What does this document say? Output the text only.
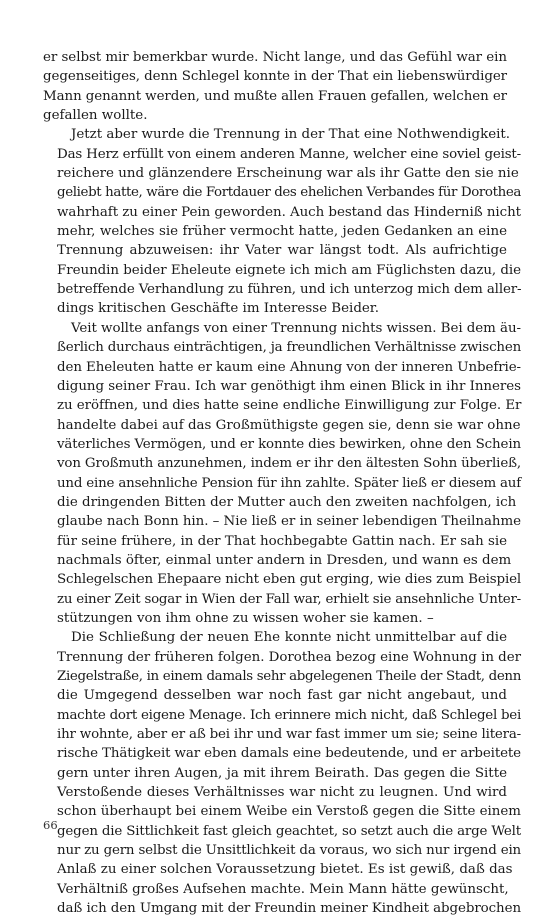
er selbst mir bemerkbar wurde. Nicht lange, und das Gefühl war ein
gegenseitiges, denn Schlegel konnte in der That ein liebenswürdiger
Mann genannt werden, und mußte allen Frauen gefallen, welchen er
gefallen wollte.
Jetzt aber wurde die Trennung in der That eine Nothwendigkeit.
Das Herz erfüllt von einem anderen Manne, welcher eine soviel geist-
reichere und glänzendere Erscheinung war als ihr Gatte den sie nie
geliebt hatte, wäre die Fortdauer des ehelichen Verbandes für Dorothea
wahrhaft zu einer Pein geworden. Auch bestand das Hinderniß nicht
mehr, welches sie früher vermocht hatte, jeden Gedanken an eine
Trennung abzuweisen: ihr Vater war längst todt. Als aufrichtige
Freundin beider Eheleute eignete ich mich am Füglichsten dazu, die
betreffende Verhandlung zu führen, und ich unterzog mich dem aller-
dings kritischen Geschäfte im Interesse Beider.
Veit wollte anfangs von einer Trennung nichts wissen. Bei dem äu-
ßerlich durchaus einträchtigen, ja freundlichen Verhältnisse zwischen
den Eheleuten hatte er kaum eine Ahnung von der inneren Unbefrie-
digung seiner Frau. Ich war genöthigt ihm einen Blick in ihr Inneres
zu eröffnen, und dies hatte seine endliche Einwilligung zur Folge. Er
handelte dabei auf das Großmüthigste gegen sie, denn sie war ohne
väterliches Vermögen, und er konnte dies bewirken, ohne den Schein
von Großmuth anzunehmen, indem er ihr den ältesten Sohn überließ,
und eine ansehnliche Pension für ihn zahlte. Später ließ er diesem auf
die dringenden Bitten der Mutter auch den zweiten nachfolgen, ich
glaube nach Bonn hin. – Nie ließ er in seiner lebendigen Theilnahme
für seine frühere, in der That hochbegabte Gattin nach. Er sah sie
nachmals öfter, einmal unter andern in Dresden, und wann es dem
Schlegelschen Ehepaare nicht eben gut erging, wie dies zum Beispiel
zu einer Zeit sogar in Wien der Fall war, erhielt sie ansehnliche Unter-
stützungen von ihm ohne zu wissen woher sie kamen. –
Die Schließung der neuen Ehe konnte nicht unmittelbar auf die
Trennung der früheren folgen. Dorothea bezog eine Wohnung in der
Ziegelstraße, in einem damals sehr abgelegenen Theile der Stadt, denn
die Umgegend desselben war noch fast gar nicht angebaut, und
machte dort eigene Menage. Ich erinnere mich nicht, daß Schlegel bei
ihr wohnte, aber er aß bei ihr und war fast immer um sie; seine litera-
rische Thätigkeit war eben damals eine bedeutende, und er arbeitete
gern unter ihren Augen, ja mit ihrem Beirath. Das gegen die Sitte
Verstoßende dieses Verhältnisses war nicht zu leugnen. Und wird
schon überhaupt bei einem Weibe ein Verstoß gegen die Sitte einem
gegen die Sittlichkeit fast gleich geachtet, so setzt auch die arge Welt
nur zu gern selbst die Unsittlichkeit da voraus, wo sich nur irgend ein
Anlaß zu einer solchen Voraussetzung bietet. Es ist gewiß, daß das
Verhältniß großes Aufsehen machte. Mein Mann hätte gewünscht,
daß ich den Umgang mit der Freundin meiner Kindheit abgebrochen
66
